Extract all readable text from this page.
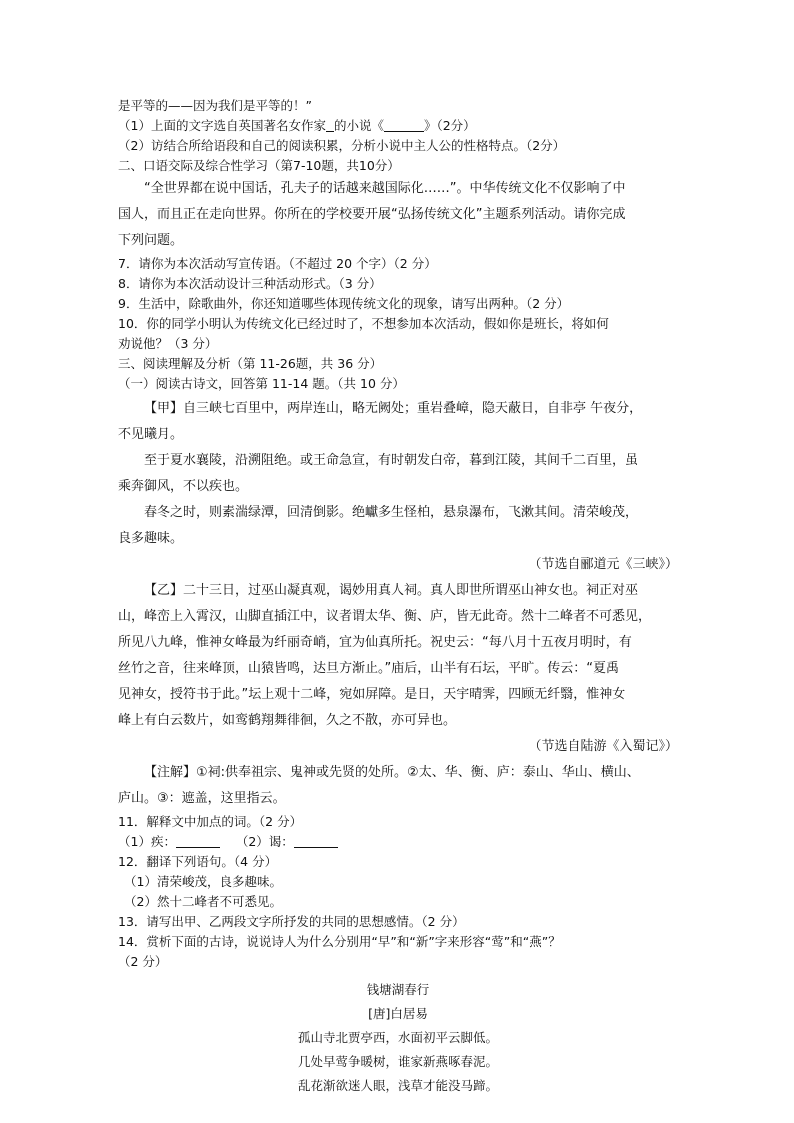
是平等的——因为我们是平等的！”
（1）上面的文字选自英国著名女作家 的小说《	》（2分）
（2）访结合所给语段和自己的阅读积累，分析小说中主人公的性格特点。（2分）
二、口语交际及综合性学习（第7-10题，共10分）
“全世界都在说中国话，孔夫子的话越来越国际化……”。中华传统文化不仅影响了中
国人，而且正在走向世界。你所在的学校要开展“弘扬传统文化”主题系列活动。请你完成
下列问题。
7．请你为本次活动写宣传语。（不超过 20 个字）（2 分）
8．请你为本次活动设计三种活动形式。（3 分）
9．生活中，除歌曲外，你还知道哪些体现传统文化的现象，请写出两种。（2 分）
10．你的同学小明认为传统文化已经过时了，不想参加本次活动，假如你是班长，将如何
劝说他？（3 分）
三、阅读理解及分析（第 11-26题，共 36 分）
（一）阅读古诗文，回答第 11-14 题。（共 10 分）
【甲】自三峡七百里中，两岸连山，略无阙处；重岩叠嶂，隐天蔽日，自非亭 午夜分，
不见曦月。
至于夏水襄陵，沿溯阻绝。或王命急宣，有时朝发白帝，暮到江陵，其间千二百里，虽
乘奔御风，不以疾也。
春冬之时，则素湍绿潭，回清倒影。绝巘多生怪柏，悬泉瀑布，飞漱其间。清荣峻茂，
良多趣味。
（节选自郦道元《三峡》）
【乙】二十三日，过巫山凝真观，谒妙用真人祠。真人即世所谓巫山神女也。祠正对巫
山，峰峦上入霄汉，山脚直插江中，议者谓太华、衡、庐，皆无此奇。然十二峰者不可悉见，
所见八九峰，惟神女峰最为纤丽奇峭，宜为仙真所托。祝史云：“每八月十五夜月明时，有
丝竹之音，往来峰顶，山猿皆鸣，达旦方渐止。”庙后，山半有石坛，平旷。传云：“夏禹
见神女，授符书于此。”坛上观十二峰，宛如屏障。是日，天宇晴霁，四顾无纤翳，惟神女
峰上有白云数片，如鸾鹤翔舞徘徊，久之不散，亦可异也。
（节选自陆游《入蜀记》）
【注解】①祠:供奉祖宗、鬼神或先贤的处所。②太、华、衡、庐：泰山、华山、横山、
庐山。③：遮盖，这里指云。
11．解释文中加点的词。（2 分）
（1）疾：	（2）谒：
12．翻译下列语句。（4 分）
（1）清荣峻茂，良多趣味。
（2）然十二峰者不可悉见。
13．请写出甲、乙两段文字所抒发的共同的思想感情。（2 分）
14．赏析下面的古诗，说说诗人为什么分别用“早”和“新”字来形容“莺”和“燕”？
（2 分）
钱塘湖春行
[唐]白居易
孤山寺北贾亭西，水面初平云脚低。
几处早莺争暖树，谁家新燕啄春泥。
乱花渐欲迷人眼，浅草才能没马蹄。
